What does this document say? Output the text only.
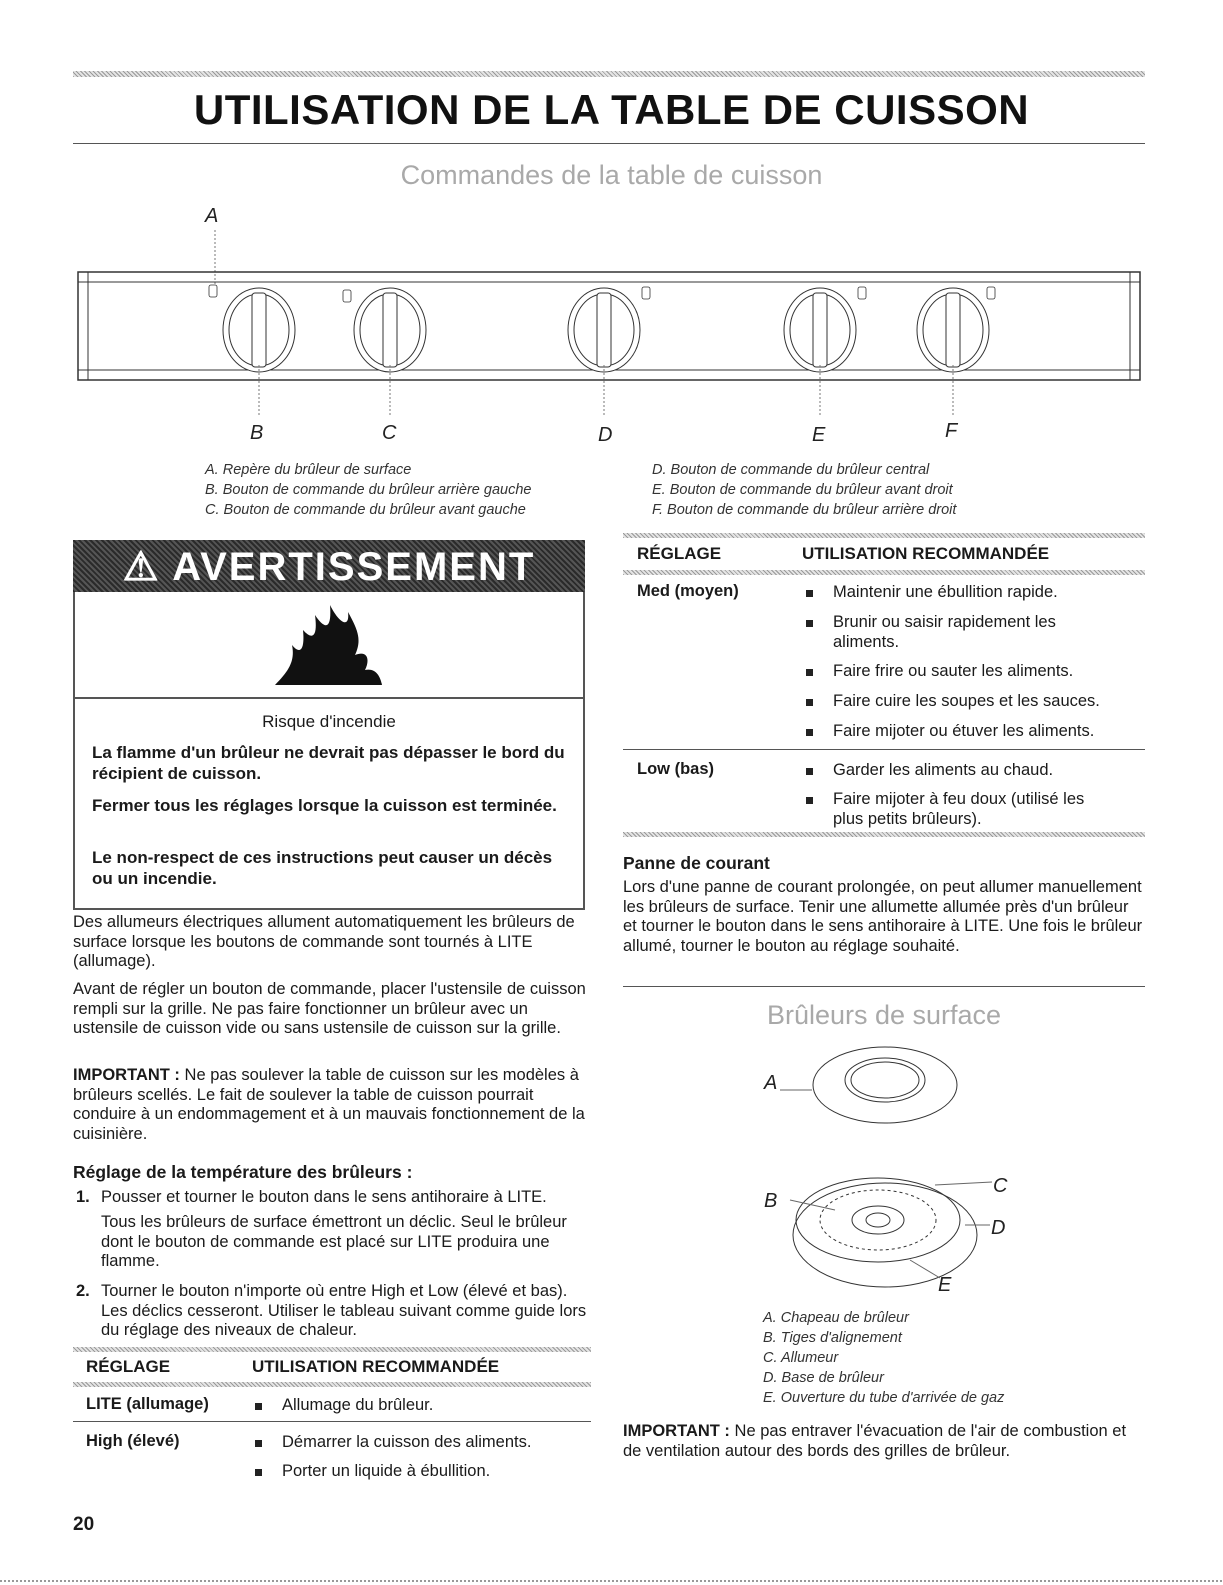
UTILISATION DE LA TABLE DE CUISSON
Commandes de la table de cuisson
A
B	C	D	E	F
A. Repère du brûleur de surface
B. Bouton de commande du brûleur arrière gauche
C. Bouton de commande du brûleur avant gauche
D. Bouton de commande du brûleur central
E. Bouton de commande du brûleur avant droit
F. Bouton de commande du brûleur arrière droit
⚠ AVERTISSEMENT
Risque d'incendie
La flamme d'un brûleur ne devrait pas dépasser le bord du récipient de cuisson.
Fermer tous les réglages lorsque la cuisson est terminée.
Le non-respect de ces instructions peut causer un décès ou un incendie.
Des allumeurs électriques allument automatiquement les brûleurs de surface lorsque les boutons de commande sont tournés à LITE (allumage).
Avant de régler un bouton de commande, placer l'ustensile de cuisson rempli sur la grille. Ne pas faire fonctionner un brûleur avec un ustensile de cuisson vide ou sans ustensile de cuisson sur la grille.
IMPORTANT : Ne pas soulever la table de cuisson sur les modèles à brûleurs scellés. Le fait de soulever la table de cuisson pourrait conduire à un endommagement et à un mauvais fonctionnement de la cuisinière.
Réglage de la température des brûleurs :
1. Pousser et tourner le bouton dans le sens antihoraire à LITE.
Tous les brûleurs de surface émettront un déclic. Seul le brûleur dont le bouton de commande est placé sur LITE produira une flamme.
2. Tourner le bouton n'importe où entre High et Low (élevé et bas). Les déclics cesseront. Utiliser le tableau suivant comme guide lors du réglage des niveaux de chaleur.
RÉGLAGE	UTILISATION RECOMMANDÉE
LITE (allumage)	Allumage du brûleur.
High (élevé)	Démarrer la cuisson des aliments.
Porter un liquide à ébullition.
20
RÉGLAGE	UTILISATION RECOMMANDÉE
Med (moyen)	Maintenir une ébullition rapide.
Brunir ou saisir rapidement les aliments.
Faire frire ou sauter les aliments.
Faire cuire les soupes et les sauces.
Faire mijoter ou étuver les aliments.
Low (bas)	Garder les aliments au chaud.
Faire mijoter à feu doux (utilisé les plus petits brûleurs).
Panne de courant
Lors d'une panne de courant prolongée, on peut allumer manuellement les brûleurs de surface. Tenir une allumette allumée près d'un brûleur et tourner le bouton dans le sens antihoraire à LITE. Une fois le brûleur allumé, tourner le bouton au réglage souhaité.
Brûleurs de surface
A
B
C
D
E
A. Chapeau de brûleur
B. Tiges d'alignement
C. Allumeur
D. Base de brûleur
E. Ouverture du tube d'arrivée de gaz
IMPORTANT : Ne pas entraver l'évacuation de l'air de combustion et de ventilation autour des bords des grilles de brûleur.
